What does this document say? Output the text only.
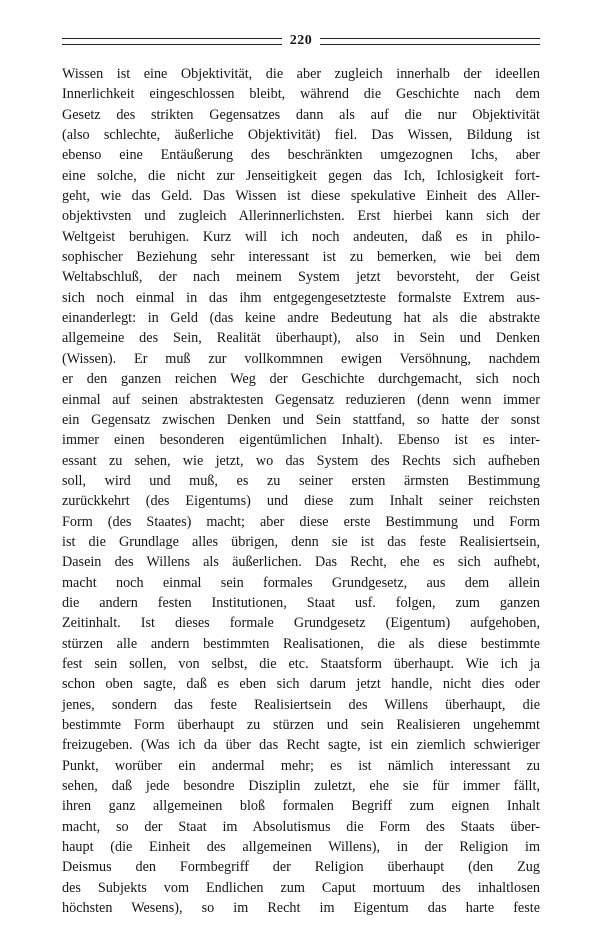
220
Wissen ist eine Objektivität, die aber zugleich innerhalb der ideellen
Innerlichkeit eingeschlossen bleibt, während die Geschichte nach dem
Gesetz des strikten Gegensatzes dann als auf die nur Objektivität
(also schlechte, äußerliche Objektivität) fiel. Das Wissen, Bildung ist
ebenso eine Entäußerung des beschränkten umgezognen Ichs, aber
eine solche, die nicht zur Jenseitigkeit gegen das Ich, Ichlosigkeit fort-
geht, wie das Geld. Das Wissen ist diese spekulative Einheit des Aller-
objektivsten und zugleich Allerinnerlichsten. Erst hierbei kann sich der
Weltgeist beruhigen. Kurz will ich noch andeuten, daß es in philo-
sophischer Beziehung sehr interessant ist zu bemerken, wie bei dem
Weltabschluß, der nach meinem System jetzt bevorsteht, der Geist
sich noch einmal in das ihm entgegengesetzteste formalste Extrem aus-
einanderlegt: in Geld (das keine andre Bedeutung hat als die abstrakte
allgemeine des Sein, Realität überhaupt), also in Sein und Denken
(Wissen). Er muß zur vollkommnen ewigen Versöhnung, nachdem
er den ganzen reichen Weg der Geschichte durchgemacht, sich noch
einmal auf seinen abstraktesten Gegensatz reduzieren (denn wenn immer
ein Gegensatz zwischen Denken und Sein stattfand, so hatte der sonst
immer einen besonderen eigentümlichen Inhalt). Ebenso ist es inter-
essant zu sehen, wie jetzt, wo das System des Rechts sich aufheben
soll, wird und muß, es zu seiner ersten ärmsten Bestimmung
zurückkehrt (des Eigentums) und diese zum Inhalt seiner reichsten
Form (des Staates) macht; aber diese erste Bestimmung und Form
ist die Grundlage alles übrigen, denn sie ist das feste Realisiertsein,
Dasein des Willens als äußerlichen. Das Recht, ehe es sich aufhebt,
macht noch einmal sein formales Grundgesetz, aus dem allein
die andern festen Institutionen, Staat usf. folgen, zum ganzen
Zeitinhalt. Ist dieses formale Grundgesetz (Eigentum) aufgehoben,
stürzen alle andern bestimmten Realisationen, die als diese bestimmte
fest sein sollen, von selbst, die etc. Staatsform überhaupt. Wie ich ja
schon oben sagte, daß es eben sich darum jetzt handle, nicht dies oder
jenes, sondern das feste Realisiertsein des Willens überhaupt, die
bestimmte Form überhaupt zu stürzen und sein Realisieren ungehemmt
freizugeben. (Was ich da über das Recht sagte, ist ein ziemlich schwieriger
Punkt, worüber ein andermal mehr; es ist nämlich interessant zu
sehen, daß jede besondre Disziplin zuletzt, ehe sie für immer fällt,
ihren ganz allgemeinen bloß formalen Begriff zum eignen Inhalt
macht, so der Staat im Absolutismus die Form des Staats über-
haupt (die Einheit des allgemeinen Willens), in der Religion im
Deismus den Formbegriff der Religion überhaupt (den Zug
des Subjekts vom Endlichen zum Caput mortuum des inhaltlosen
höchsten Wesens), so im Recht im Eigentum das harte feste
